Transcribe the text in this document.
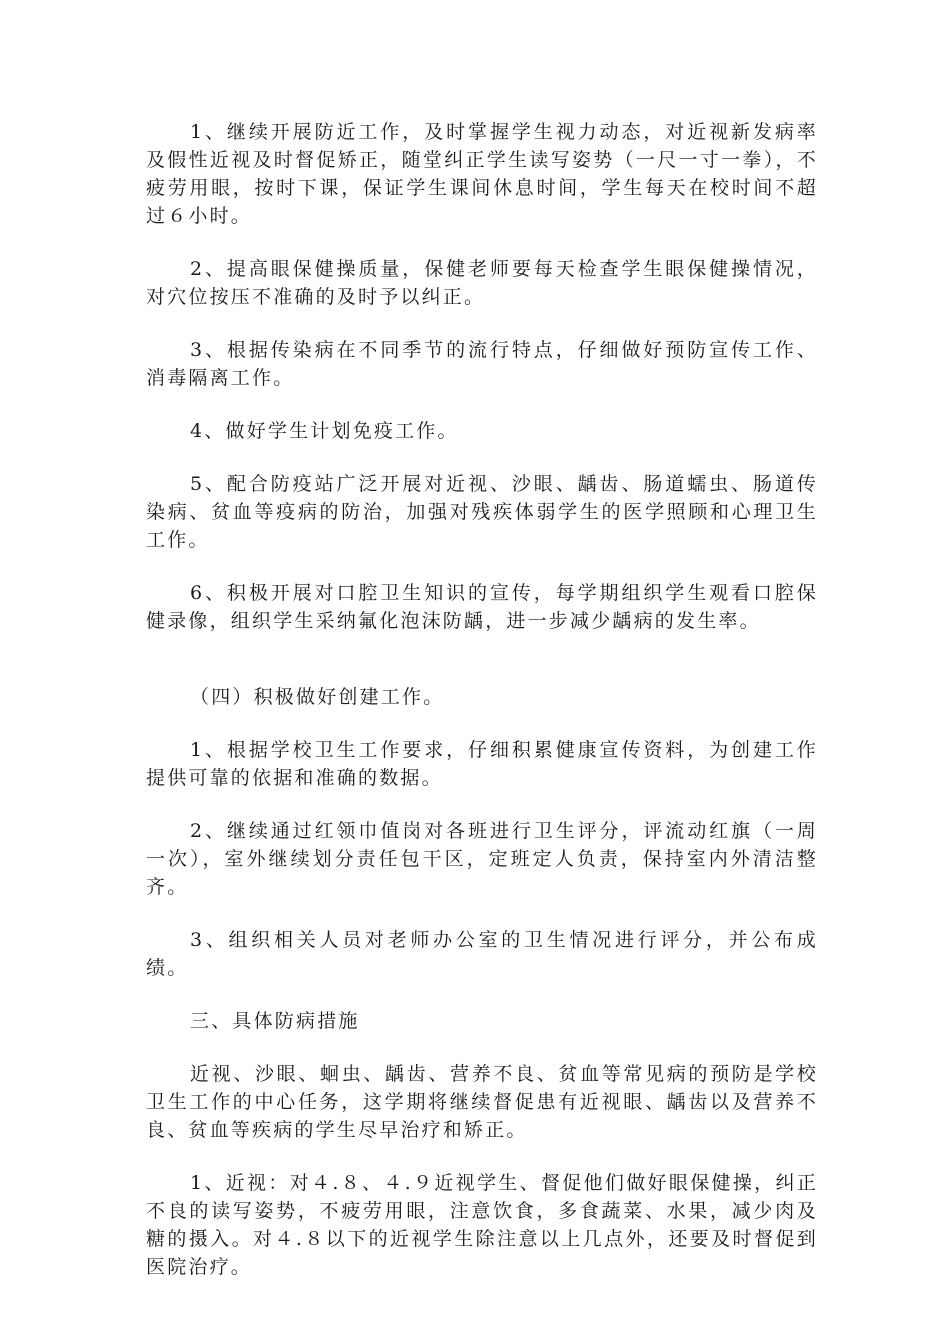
1、继续开展防近工作，及时掌握学生视力动态，对近视新发病率及假性近视及时督促矫正，随堂纠正学生读写姿势（一尺一寸一拳），不疲劳用眼，按时下课，保证学生课间休息时间，学生每天在校时间不超过６小时。

2、提高眼保健操质量，保健老师要每天检查学生眼保健操情况，对穴位按压不准确的及时予以纠正。

3、根据传染病在不同季节的流行特点，仔细做好预防宣传工作、消毒隔离工作。

4、做好学生计划免疫工作。

5、配合防疫站广泛开展对近视、沙眼、龋齿、肠道蠕虫、肠道传染病、贫血等疫病的防治，加强对残疾体弱学生的医学照顾和心理卫生工作。

6、积极开展对口腔卫生知识的宣传，每学期组织学生观看口腔保健录像，组织学生采纳氟化泡沫防龋，进一步减少龋病的发生率。

（四）积极做好创建工作。

1、根据学校卫生工作要求，仔细积累健康宣传资料，为创建工作提供可靠的依据和准确的数据。

2、继续通过红领巾值岗对各班进行卫生评分，评流动红旗（一周一次），室外继续划分责任包干区，定班定人负责，保持室内外清洁整齐。

3、组织相关人员对老师办公室的卫生情况进行评分，并公布成绩。

三、具体防病措施

近视、沙眼、蛔虫、龋齿、营养不良、贫血等常见病的预防是学校卫生工作的中心任务，这学期将继续督促患有近视眼、龋齿以及营养不良、贫血等疾病的学生尽早治疗和矫正。

1、近视：对４.８、４.９近视学生、督促他们做好眼保健操，纠正不良的读写姿势，不疲劳用眼，注意饮食，多食蔬菜、水果，减少肉及糖的摄入。对４.８以下的近视学生除注意以上几点外，还要及时督促到医院治疗。
